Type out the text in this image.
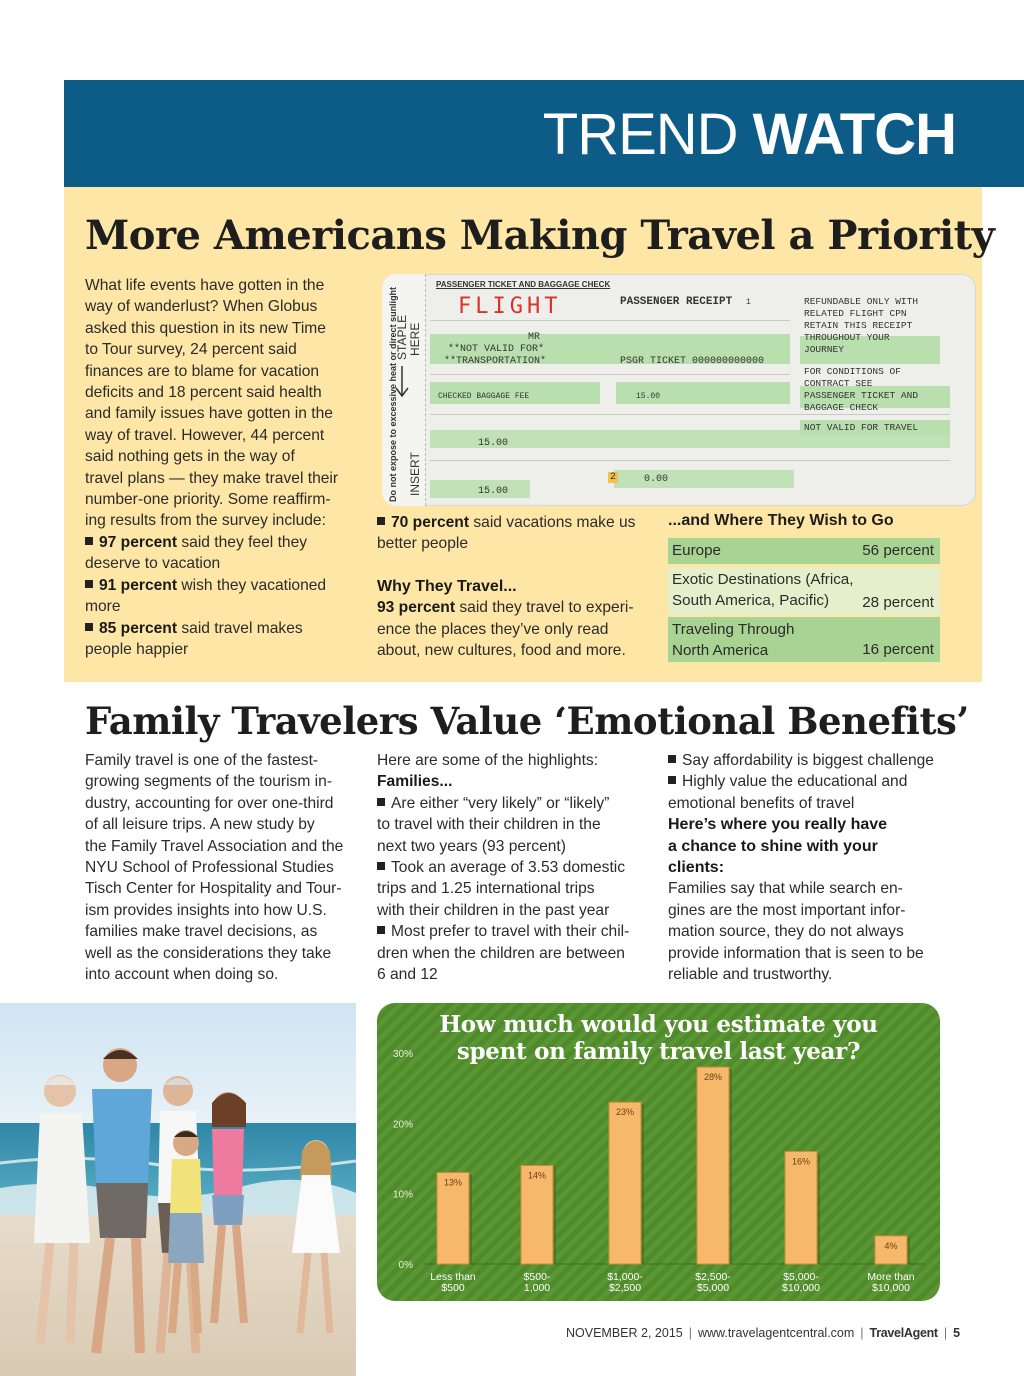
TREND WATCH
More Americans Making Travel a Priority

What life events have gotten in the

way of wanderlust? When Globus

asked this question in its new Time

to Tour survey, 24 percent said

finances are to blame for vacation

deficits and 18 percent said health

and family issues have gotten in the

way of travel. However, 44 percent

said nothing gets in the way of

travel plans — they make travel their

number-one priority. Some reaffirm-

ing results from the survey include:

97 percent said they feel they

deserve to vacation

91 percent wish they vacationed

more

85 percent said travel makes

people happier

Do not expose to excessive heat or direct sunlight
STAPLE HERE
INSERT
PASSENGER TICKET AND BAGGAGE CHECK
FLIGHT	PASSENGER RECEIPT 1
MR
**NOT VALID FOR*
**TRANSPORTATION*	PSGR TICKET 000000000000
CHECKED BAGGAGE FEE	15.00
15.00
15.00
2	0.00
REFUNDABLE ONLY WITH
RELATED FLIGHT CPN
RETAIN THIS RECEIPT
THROUGHOUT YOUR
JOURNEY
FOR CONDITIONS OF
CONTRACT SEE
PASSENGER TICKET AND
BAGGAGE CHECK
NOT VALID FOR TRAVEL

70 percent said vacations make us

better people

Why They Travel...

93 percent said they travel to experi-

ence the places they’ve only read

about, new cultures, food and more.

...and Where They Wish to Go
Europe	56 percent
Exotic Destinations (Africa,
South America, Pacific)	28 percent
Traveling Through
North America	16 percent
Family Travelers Value ‘Emotional Benefits’

Family travel is one of the fastest-

growing segments of the tourism in-

dustry, accounting for over one-third

of all leisure trips. A new study by

the Family Travel Association and the

NYU School of Professional Studies

Tisch Center for Hospitality and Tour-

ism provides insights into how U.S.

families make travel decisions, as

well as the considerations they take

into account when doing so.

Here are some of the highlights:

Families...

Are either “very likely” or “likely”

to travel with their children in the

next two years (93 percent)

Took an average of 3.53 domestic

trips and 1.25 international trips

with their children in the past year

Most prefer to travel with their chil-

dren when the children are between

6 and 12

Say affordability is biggest challenge

Highly value the educational and

emotional benefits of travel

Here’s where you really have

a chance to shine with your

clients:

Families say that while search en-

gines are the most important infor-

mation source, they do not always

provide information that is seen to be

reliable and trustworthy.

How much would you estimate you
spent on family travel last year?
0%
10%
20%
30%
13%
Less than
$500
14%
$500-
1,000
23%
$1,000-
$2,500
28%
$2,500-
$5,000
16%
$5,000-
$10,000
4%
More than
$10,000
NOVEMBER 2, 2015 | www.travelagentcentral.com | TravelAgent | 5
